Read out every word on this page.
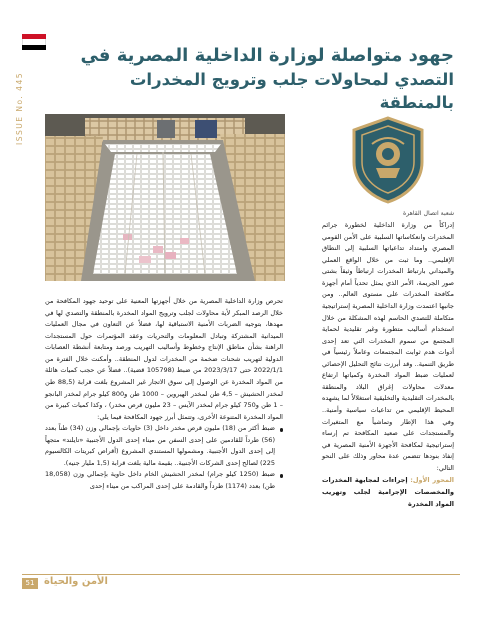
ISSUE No. 445
جهود متواصلة لوزارة الداخلية المصرية في
التصدي لمحاولات جلب وترويج المخدرات بالمنطقة
شعبة اتصال القاهرة

إدراكاً من وزارة الداخلية لخطورة جرائم المخدرات وانعكاساتها السلبية على الأمن القومي المصري وامتداد تداعياتها السلبية إلى النطاق الإقليمي.. وما ثبت من خلال الواقع العملي والميداني بارتباط المخدرات ارتباطاً وثيقاً بشتى صور الجريمة، الأمر الذي يمثل تحدياً أمام أجهزة مكافحة المخدرات على مستوى العالم.. ومن جانبها اعتمدت وزارة الداخلية المصرية إستراتيجية متكاملة للتصدي الحاسم لهذه المشكلة من خلال استخدام أساليب متطورة وغير تقليدية لحماية المجتمع من سموم المخدرات التي تعد إحدى أدوات هدم ثوابت المجتمعات وعاملاً رئيسياً في طريق التنمية.. وقد أبرزت نتائج التحليل الإحصائي لعمليات ضبط المواد المخدرة وكمياتها ارتفاع معدلات محاولات إغراق البلاد والمنطقة بالمخدرات التقليدية والتخليقية استغلالاً لما يشهده المحيط الإقليمي من تداعيات سياسية وأمنية.. وفي هذا الإطار وتماشياً مع المتغيرات والمستجدات على صعيد المكافحة تم إرساء إستراتيجية لمكافحة الأجهزة الأمنية المصرية في إنفاذ بنودها تتضمن عدة محاور وذلك على النحو التالي:

المحور الأول: إجراءات لمجابهة المخدرات والمخصصات الإجرامية لجلب وتهريب المواد المخدرة

تحرص وزارة الداخلية المصرية من خلال أجهزتها المعنية على توحيد جهود المكافحة من خلال الرصد المبكر لأية محاولات لجلب وترويج المواد المخدرة بالمنطقة والتصدي لها في مهدها، بتوجيه الضربات الأمنية الاستباقية لها، فضلاً عن التعاون في مجال العمليات الميدانية المشتركة وتبادل المعلومات والتحريات وعقد المؤتمرات حول المستجدات الراهنة بشأن مناطق الإنتاج وخطوط وأساليب التهريب ورصد ومتابعة أنشطة العصابات الدولية لتهريب شحنات ضخمة من المخدرات لدول المنطقة.. وأمكنت خلال الفترة من 2022/1/1 حتى 2023/3/17 من ضبط (105798 قضية).. فضلاً عن حجب كميات هائلة من المواد المخدرة عن الوصول إلى سوق الاتجار غير المشروع بلغت قرابة (88,5 طن لمخدر الحشيش – 4,5 طن لمخدر الهيروين – 1000 طن و800 كيلو جرام لمخدر البانجو – 1 طن و750 كيلو جرام لمخدر الآيس – 23 مليون قرص مخدر) ، وكذا كميات كبيرة من المواد المخدرة المتنوعة الأخرى، وتتمثل أبرز جهود المكافحة فيما يلي:

ضبط أكثر من (18) مليون قرص مخدر داخل (3) حاويات بإجمالي وزن (34) طناً بعدد (56) طرداً للقادمين على إحدى السفن من ميناء إحدى الدول الأجنبية «تايلند» متجهاً إلى إحدى الدول الأجنبية. ومشمولها المستندي المشروع (أقراص كبريتات الكالسيوم 225) لصالح إحدى الشركات الأجنبية.. بقيمة مالية بلغت قرابة (1,5 مليار جنيه).
ضبط (1250 كيلو جرام) لمخدر الحشيش الخام داخل حاوية بإجمالي وزن (18,058 طن) بعدد (1174) طرداً والقادمة على إحدى المراكب من ميناء إحدى
51 الأمن والحياة
